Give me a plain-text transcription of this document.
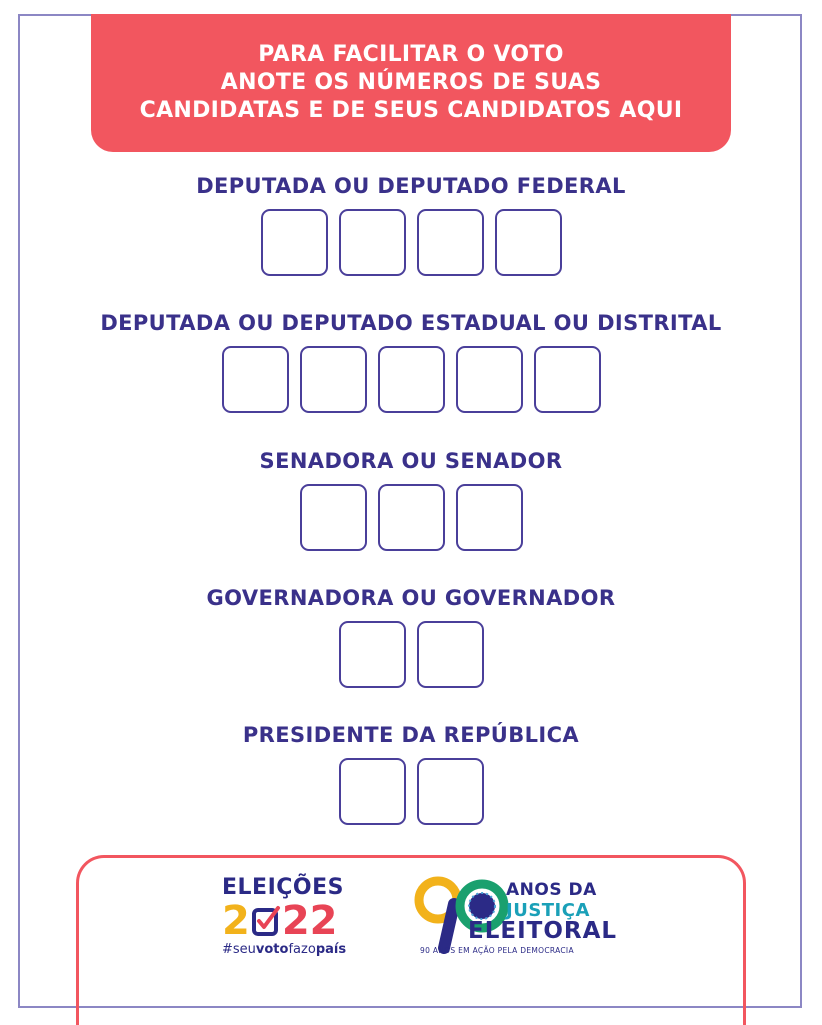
PARA FACILITAR O VOTO
ANOTE OS NÚMEROS DE SUAS
CANDIDATAS E DE SEUS CANDIDATOS AQUI
DEPUTADA OU DEPUTADO FEDERAL
DEPUTADA OU DEPUTADO ESTADUAL OU DISTRITAL
SENADORA OU SENADOR
GOVERNADORA OU GOVERNADOR
PRESIDENTE DA REPÚBLICA
ELEIÇÕES
2 22
#seuvotofazopaís
ANOS DA
JUSTIÇA
ELEITORAL
90 ANOS EM AÇÃO PELA DEMOCRACIA
